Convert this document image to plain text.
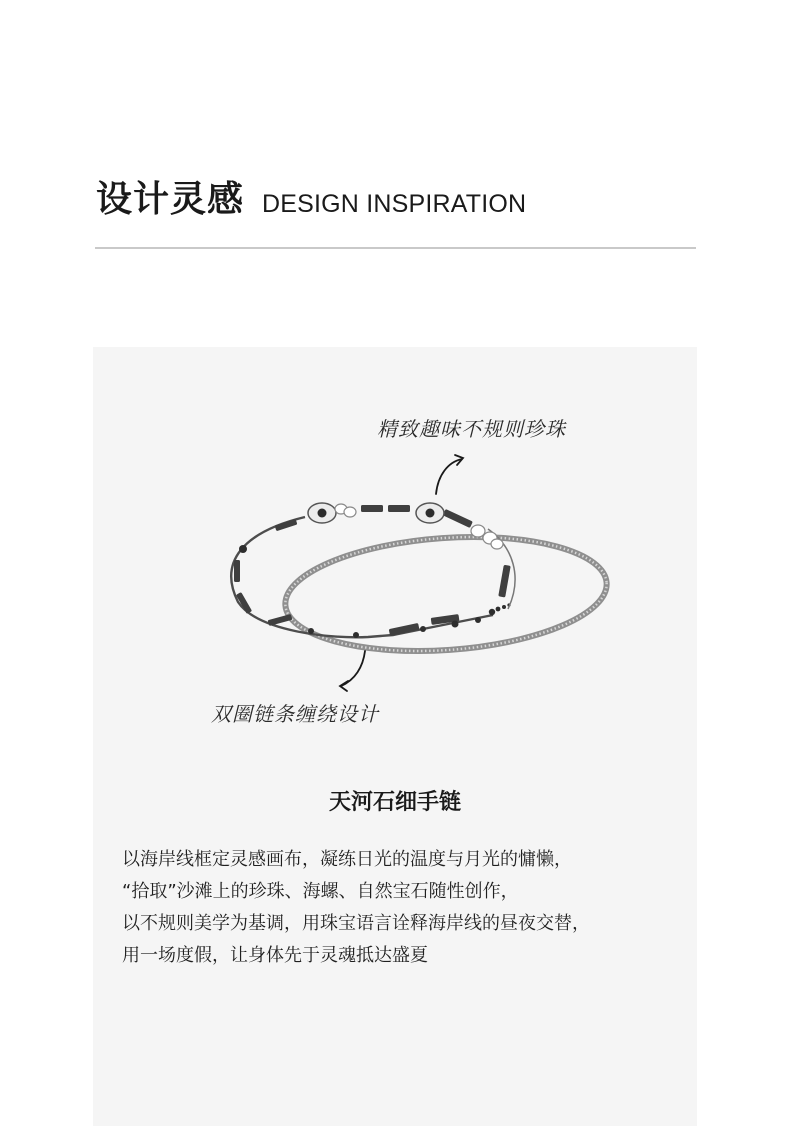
设计灵感 DESIGN INSPIRATION
精致趣味不规则珍珠
双圈链条缠绕设计
天河石细手链

以海岸线框定灵感画布，凝练日光的温度与月光的慵懒，

“拾取”沙滩上的珍珠、海螺、自然宝石随性创作，

以不规则美学为基调，用珠宝语言诠释海岸线的昼夜交替，

用一场度假，让身体先于灵魂抵达盛夏
